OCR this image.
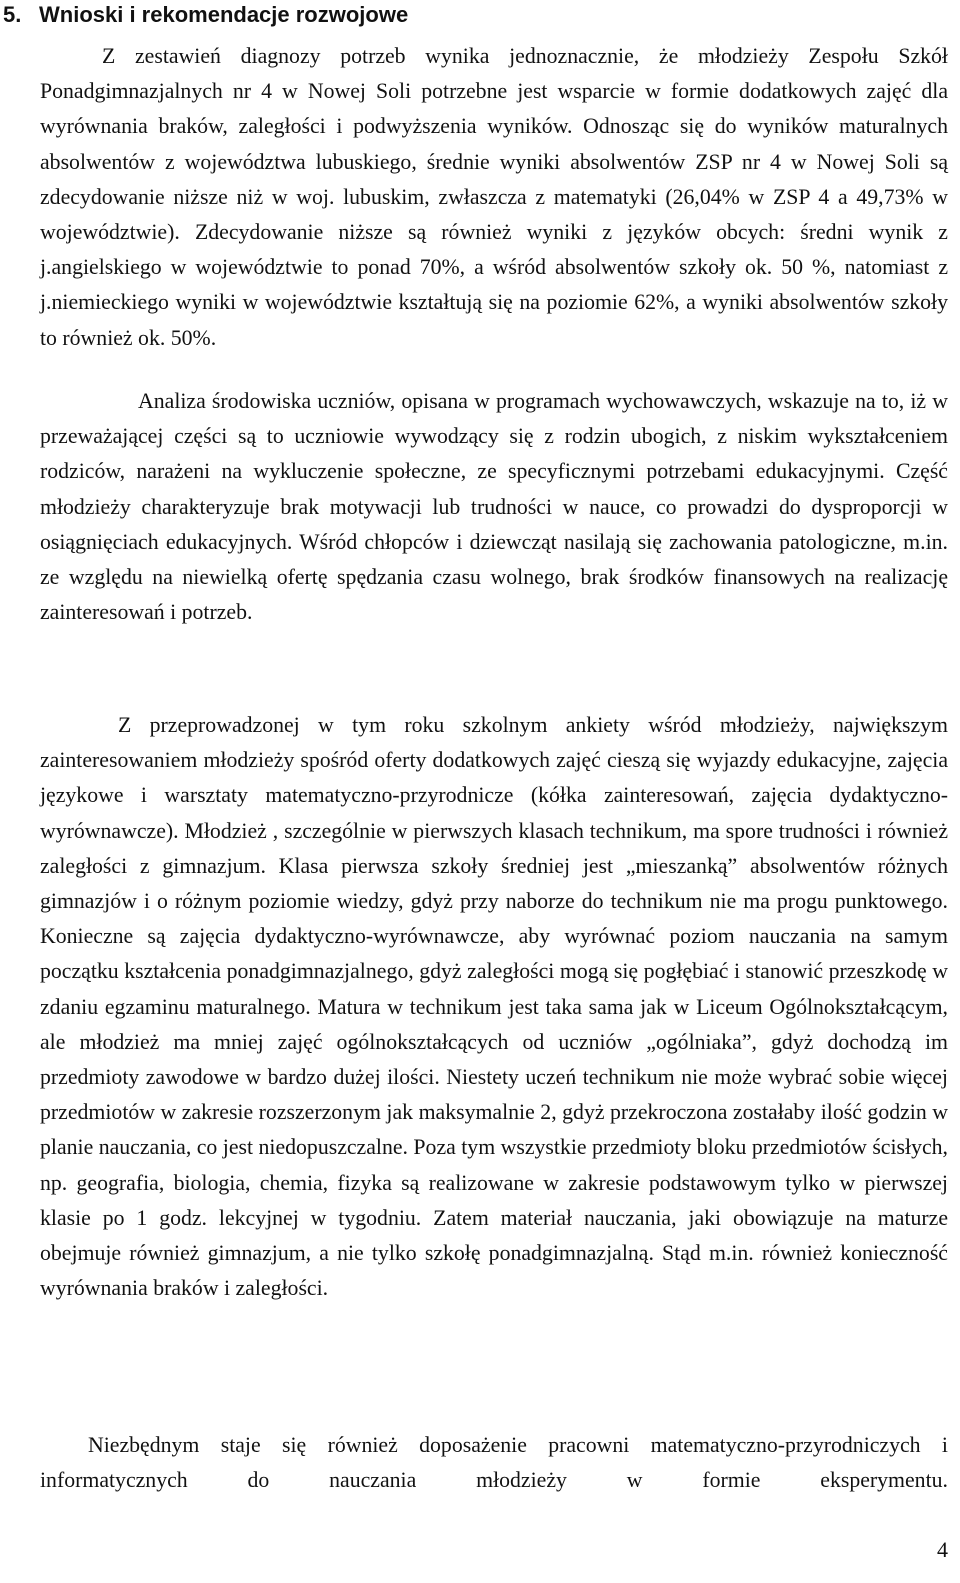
5. Wnioski i rekomendacje rozwojowe

Z zestawień diagnozy potrzeb wynika jednoznacznie, że młodzieży Zespołu Szkół Ponadgimnazjalnych nr 4 w Nowej Soli potrzebne jest wsparcie w formie dodatkowych zajęć dla wyrównania braków, zaległości i podwyższenia wyników. Odnosząc się do wyników maturalnych absolwentów z województwa lubuskiego, średnie wyniki absolwentów ZSP nr 4 w Nowej Soli są zdecydowanie niższe niż w woj. lubuskim, zwłaszcza z matematyki (26,04% w ZSP 4 a 49,73% w województwie). Zdecydowanie niższe są również wyniki z języków obcych: średni wynik z j.angielskiego w województwie to ponad 70%, a wśród absolwentów szkoły ok. 50 %, natomiast z j.niemieckiego wyniki w województwie kształtują się na poziomie 62%, a wyniki absolwentów szkoły to również ok. 50%.

Analiza środowiska uczniów, opisana w programach wychowawczych, wskazuje na to, iż w przeważającej części są to uczniowie wywodzący się z rodzin ubogich, z niskim wykształceniem rodziców, narażeni na wykluczenie społeczne, ze specyficznymi potrzebami edukacyjnymi. Część młodzieży charakteryzuje brak motywacji lub trudności w nauce, co prowadzi do dysproporcji w osiągnięciach edukacyjnych. Wśród chłopców i dziewcząt nasilają się zachowania patologiczne, m.in. ze względu na niewielką ofertę spędzania czasu wolnego, brak środków finansowych na realizację zainteresowań i potrzeb.

Z przeprowadzonej w tym roku szkolnym ankiety wśród młodzieży, największym zainteresowaniem młodzieży spośród oferty dodatkowych zajęć cieszą się wyjazdy edukacyjne, zajęcia językowe i warsztaty matematyczno-przyrodnicze (kółka zainteresowań, zajęcia dydaktyczno-wyrównawcze). Młodzież , szczególnie w pierwszych klasach technikum, ma spore trudności i również zaległości z gimnazjum. Klasa pierwsza szkoły średniej jest „mieszanką” absolwentów różnych gimnazjów i o różnym poziomie wiedzy, gdyż przy naborze do technikum nie ma progu punktowego. Konieczne są zajęcia dydaktyczno-wyrównawcze, aby wyrównać poziom nauczania na samym początku kształcenia ponadgimnazjalnego, gdyż zaległości mogą się pogłębiać i stanowić przeszkodę w zdaniu egzaminu maturalnego. Matura w technikum jest taka sama jak w Liceum Ogólnokształcącym, ale młodzież ma mniej zajęć ogólnokształcących od uczniów „ogólniaka”, gdyż dochodzą im przedmioty zawodowe w bardzo dużej ilości. Niestety uczeń technikum nie może wybrać sobie więcej przedmiotów w zakresie rozszerzonym jak maksymalnie 2, gdyż przekroczona zostałaby ilość godzin w planie nauczania, co jest niedopuszczalne. Poza tym wszystkie przedmioty bloku przedmiotów ścisłych, np. geografia, biologia, chemia, fizyka są realizowane w zakresie podstawowym tylko w pierwszej klasie po 1 godz. lekcyjnej w tygodniu. Zatem materiał nauczania, jaki obowiązuje na maturze obejmuje również gimnazjum, a nie tylko szkołę ponadgimnazjalną. Stąd m.in. również konieczność wyrównania braków i zaległości.

Niezbędnym staje się również doposażenie pracowni matematyczno-przyrodniczych i informatycznych do nauczania młodzieży w formie eksperymentu.

4
